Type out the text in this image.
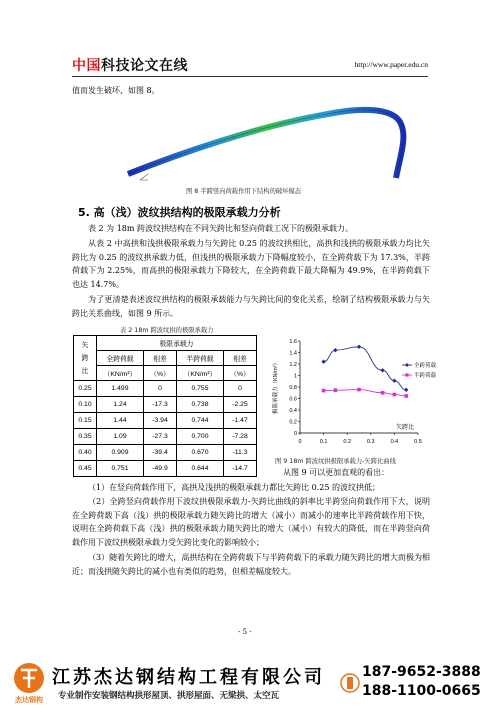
中国科技论文在线	http://www.paper.edu.cn
值而发生破坏，如图 8。
图 8 半跨竖向荷载作用下结构的破坏模态
5. 高（浅）波纹拱结构的极限承载力分析
表 2 为 18m 跨波纹拱结构在不同矢跨比和竖向荷载工况下的极限承载力。
从表 2 中高拱和浅拱极限承载力与矢跨比 0.25 的波纹拱相比，高拱和浅拱的极限承载力均比矢跨比为 0.25 的波纹拱承载力低，但浅拱的极限承载力下降幅度较小，在全跨荷载下为 17.3%，半跨荷载下为 2.25%，而高拱的极限承载力下降较大，在全跨荷载下最大降幅为 49.9%，在半跨荷载下也达 14.7%。
为了更清楚表述波纹拱结构的极限承载能力与矢跨比间的变化关系，绘制了结构极限承载力与矢跨比关系曲线，如图 9 所示。
表 2 18m 跨波纹拱的极限承载力
矢
跨
比	极限承载力			
	全跨荷载	相差	半跨荷载	相差
	（KN/m²）	（%）	（KN/m²）	（%）
0.25	1.499	0	0.755	0
0.10	1.24	-17.3	0.738	-2.25
0.15	1.44	-3.94	0.744	-1.47
0.35	1.09	-27.3	0.700	-7.28
0.40	0.909	-39.4	0.670	-11.3
0.45	0.751	-49.9	0.644	-14.7
0
0.2
0.4
0.6
0.8
1
1.2
1.4
1.6
0	0.1	0.2	0.3	0.4	0.5
矢跨比
极限承载力（KN/m²）	全跨荷载
半跨荷载
图 9 18m 跨波纹拱极限承载力-矢跨比曲线
从图 9 可以更加直观的看出：
（1）在竖向荷载作用下，高拱及浅拱的极限承载力都比矢跨比 0.25 的波纹拱低；
（2）全跨竖向荷载作用下波纹拱极限承载力-矢跨比曲线的斜率比半跨竖向荷载作用下大，说明在全跨荷载下高（浅）拱的极限承载力随矢跨比的增大（减小）而减小的速率比半跨荷载作用下快，说明在全跨荷载下高（浅）拱的极限承载力随矢跨比的增大（减小）有较大的降低，而在半跨竖向荷载作用下波纹拱极限承载力受矢跨比变化的影响较小；
（3）随着矢跨比的增大，高拱结构在全跨荷载下与半跨荷载下的承载力随矢跨比的增大而极为相近；而浅拱随矢跨比的减小也有类似的趋势，但相差幅度较大。
- 5 -
杰达钢构
江苏杰达钢结构工程有限公司
专业制作安装钢结构拱形屋顶、拱形屋面、无梁拱、太空瓦
187-9652-3888
188-1100-0665
